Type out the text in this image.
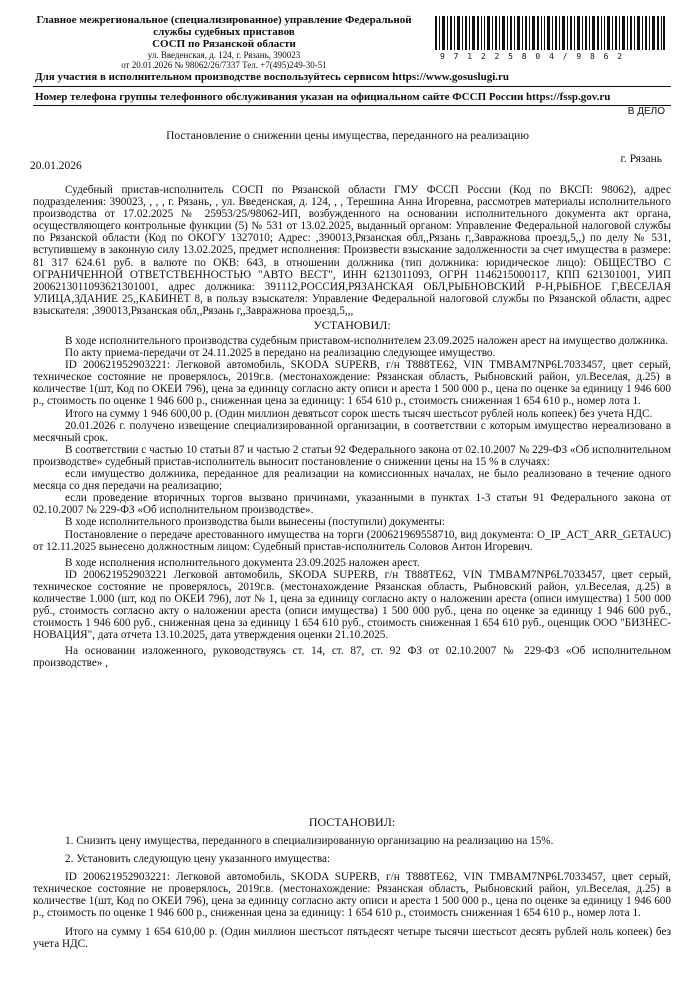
Главное межрегиональное (специализированное) управление Федеральной
службы судебных приставов
СОСП по Рязанской области
ул. Введенская, д. 124, г. Рязань, 390023
от 20.01.2026 № 98062/26/7337 Тел. +7(495)249-30-51
9 7 1 2 2 5 8 0 4 / 9 8 6 2
Для участия в исполнительном производстве воспользуйтесь сервисом https://www.gosuslugi.ru
Номер телефона группы телефонного обслуживания указан на официальном сайте ФССП России https://fssp.gov.ru
В ДЕЛО
Постановление о снижении цены имущества, переданного на реализацию
20.01.2026
г. Рязань

Судебный пристав-исполнитель СОСП по Рязанской области ГМУ ФССП России (Код по ВКСП: 98062), адрес подразделения: 390023, , , , г. Рязань, , ул. Введенская, д. 124, , , Терешина Анна Игоревна, рассмотрев материалы исполнительного производства от 17.02.2025 № 25953/25/98062-ИП, возбужденного на основании исполнительного документа акт органа, осуществляющего контрольные функции (5) № 531 от 13.02.2025, выданный органом: Управление Федеральной налоговой службы по Рязанской области (Код по ОКОГУ 1327010; Адрес: ,390013,Рязанская обл,,Рязань г,,Завражнова проезд,5,,) по делу № 531, вступившему в законную силу 13.02.2025, предмет исполнения: Произвести взыскание задолженности за счет имущества в размере: 81 317 624.61 руб. в валюте по ОКВ: 643, в отношении должника (тип должника: юридическое лицо): ОБЩЕСТВО С ОГРАНИЧЕННОЙ ОТВЕТСТВЕННОСТЬЮ "АВТО ВЕСТ", ИНН 6213011093, ОГРН 1146215000117, КПП 621301001, УИП 2006213011093621301001, адрес должника: 391112,РОССИЯ,РЯЗАНСКАЯ ОБЛ,РЫБНОВСКИЙ Р-Н,РЫБНОЕ Г,ВЕСЕЛАЯ УЛИЦА,ЗДАНИЕ 25,,КАБИНЕТ 8, в пользу взыскателя: Управление Федеральной налоговой службы по Рязанской области, адрес взыскателя: ,390013,Рязанская обл,,Рязань г,,Завражнова проезд,5,,,

УСТАНОВИЛ:

В ходе исполнительного производства судебным приставом-исполнителем 23.09.2025 наложен арест на имущество должника.

По акту приема-передачи от 24.11.2025 в передано на реализацию следующее имущество.

ID 200621952903221: Легковой автомобиль, SKODA SUPERB, г/н Т888ТЕ62, VIN TMBAM7NP6L7033457, цвет серый, техническое состояние не проверялось, 2019г.в. (местонахождение: Рязанская область, Рыбновский район, ул.Веселая, д.25) в количестве 1(шт, Код по ОКЕИ 796), цена за единицу согласно акту описи и ареста 1 500 000 р., цена по оценке за единицу 1 946 600 р., стоимость по оценке 1 946 600 р., сниженная цена за единицу: 1 654 610 р., стоимость сниженная 1 654 610 р., номер лота 1.

Итого на сумму 1 946 600,00 р. (Один миллион девятьсот сорок шесть тысяч шестьсот рублей ноль копеек) без учета НДС.

20.01.2026 г. получено извещение специализированной организации, в соответствии с которым имущество нереализовано в месячный срок.

В соответствии с частью 10 статьи 87 и частью 2 статьи 92 Федерального закона от 02.10.2007 № 229-ФЗ «Об исполнительном производстве» судебный пристав-исполнитель выносит постановление о снижении цены на 15 % в случаях:

если имущество должника, переданное для реализации на комиссионных началах, не было реализовано в течение одного месяца со дня передачи на реализацию;

если проведение вторичных торгов вызвано причинами, указанными в пунктах 1-3 статьи 91 Федерального закона от 02.10.2007 № 229-ФЗ «Об исполнительном производстве».

В ходе исполнительного производства были вынесены (поступили) документы:

Постановление о передаче арестованного имущества на торги (200621969558710, вид документа: O_IP_ACT_ARR_GETAUC) от 12.11.2025 вынесено должностным лицом: Судебный пристав-исполнитель Соловов Антон Игоревич.

В ходе исполнения исполнительного документа 23.09.2025 наложен арест.

ID 200621952903221 Легковой автомобиль, SKODA SUPERB, г/н Т888ТЕ62, VIN TMBAM7NP6L7033457, цвет серый, техническое состояние не проверялось, 2019г.в. (местонахождение Рязанская область, Рыбновский район, ул.Веселая, д.25) в количестве 1.000 (шт, код по ОКЕИ 796), лот № 1, цена за единицу согласно акту о наложении ареста (описи имущества) 1 500 000 руб., стоимость согласно акту о наложении ареста (описи имущества) 1 500 000 руб., цена по оценке за единицу 1 946 600 руб., стоимость 1 946 600 руб., сниженная цена за единицу 1 654 610 руб., стоимость сниженная 1 654 610 руб., оценщик ООО "БИЗНЕС-НОВАЦИЯ", дата отчета 13.10.2025, дата утверждения оценки 21.10.2025.

На основании изложенного, руководствуясь ст. 14, ст. 87, ст. 92 ФЗ от 02.10.2007 № 229-ФЗ «Об исполнительном производстве» ,

ПОСТАНОВИЛ:

1. Снизить цену имущества, переданного в специализированную организацию на реализацию на 15%.

2. Установить следующую цену указанного имущества:

ID 200621952903221: Легковой автомобиль, SKODA SUPERB, г/н Т888ТЕ62, VIN TMBAM7NP6L7033457, цвет серый, техническое состояние не проверялось, 2019г.в. (местонахождение: Рязанская область, Рыбновский район, ул.Веселая, д.25) в количестве 1(шт, Код по ОКЕИ 796), цена за единицу согласно акту описи и ареста 1 500 000 р., цена по оценке за единицу 1 946 600 р., стоимость по оценке 1 946 600 р., сниженная цена за единицу: 1 654 610 р., стоимость сниженная 1 654 610 р., номер лота 1.

Итого на сумму 1 654 610,00 р. (Один миллион шестьсот пятьдесят четыре тысячи шестьсот десять рублей ноль копеек) без учета НДС.
